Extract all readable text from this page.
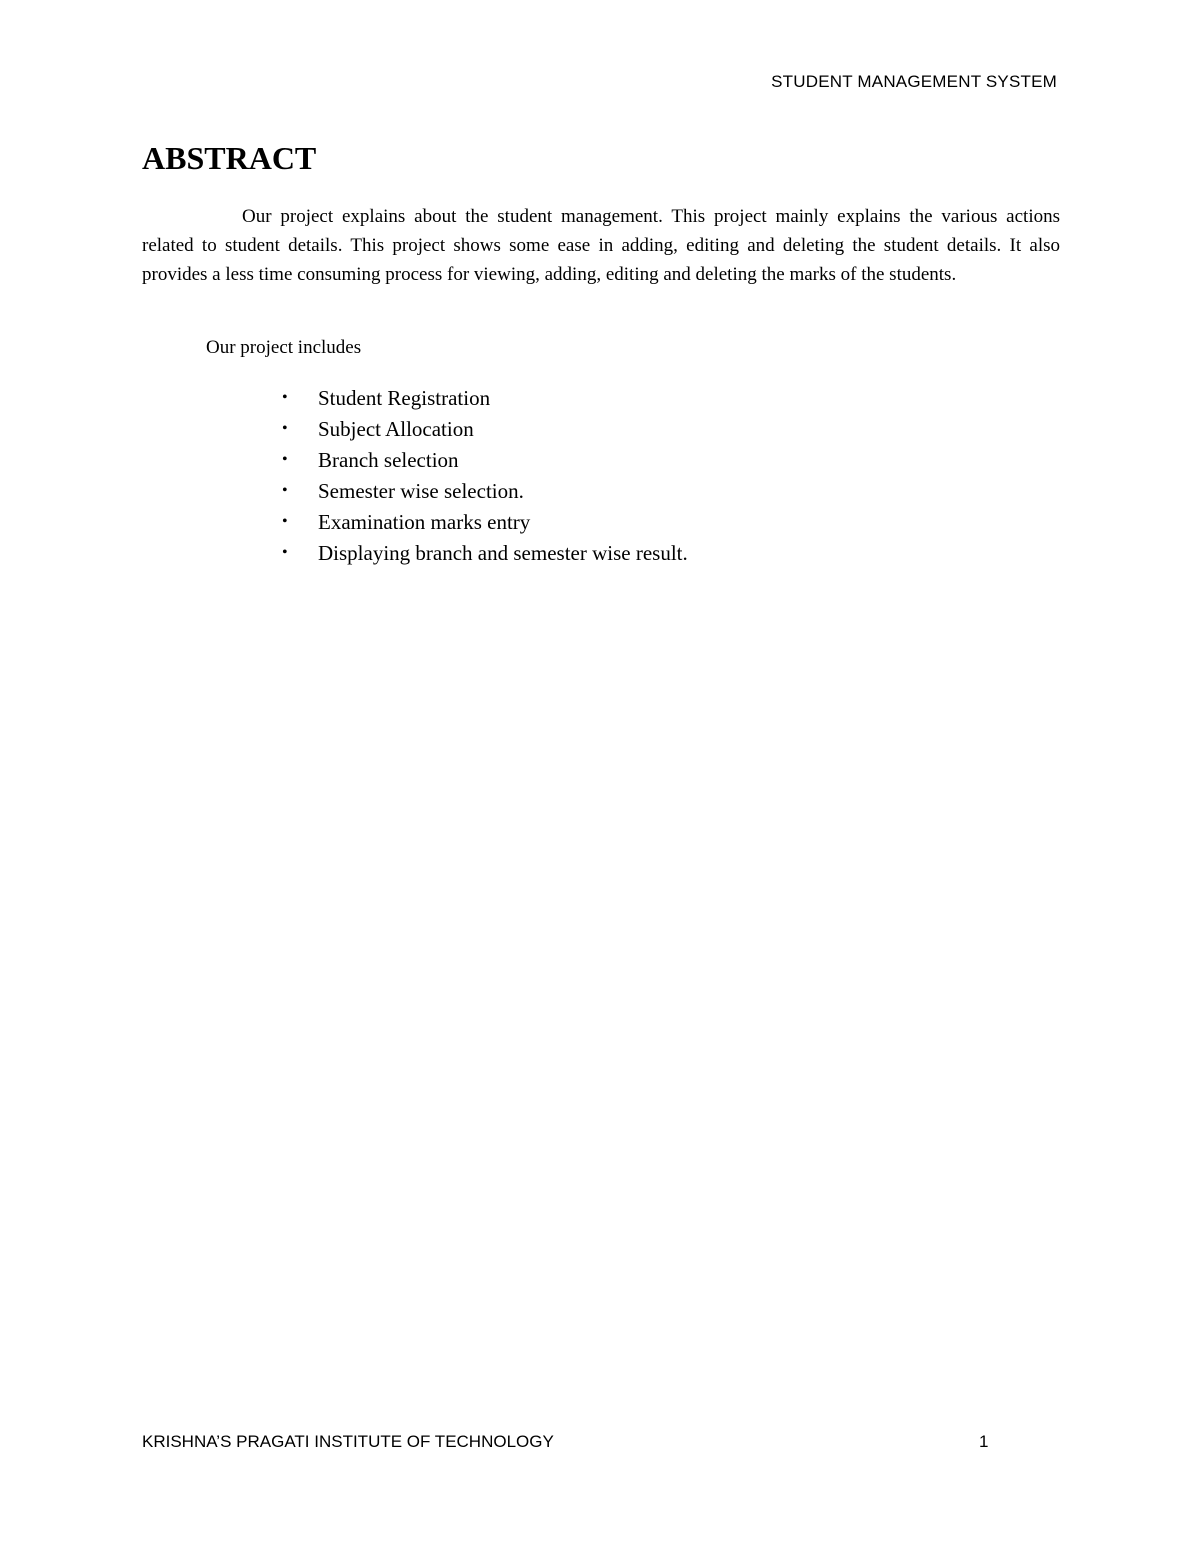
STUDENT MANAGEMENT SYSTEM
ABSTRACT

Our project explains about the student management. This project mainly explains the various actions related to student details. This project shows some ease in adding, editing and deleting the student details. It also provides a less time consuming process for viewing, adding, editing and deleting the marks of the students.

Our project includes

•	Student Registration
•	Subject Allocation
•	Branch selection
•	Semester wise selection.
•	Examination marks entry
•	Displaying branch and semester wise result.
KRISHNA’S PRAGATI INSTITUTE OF TECHNOLOGY	1
